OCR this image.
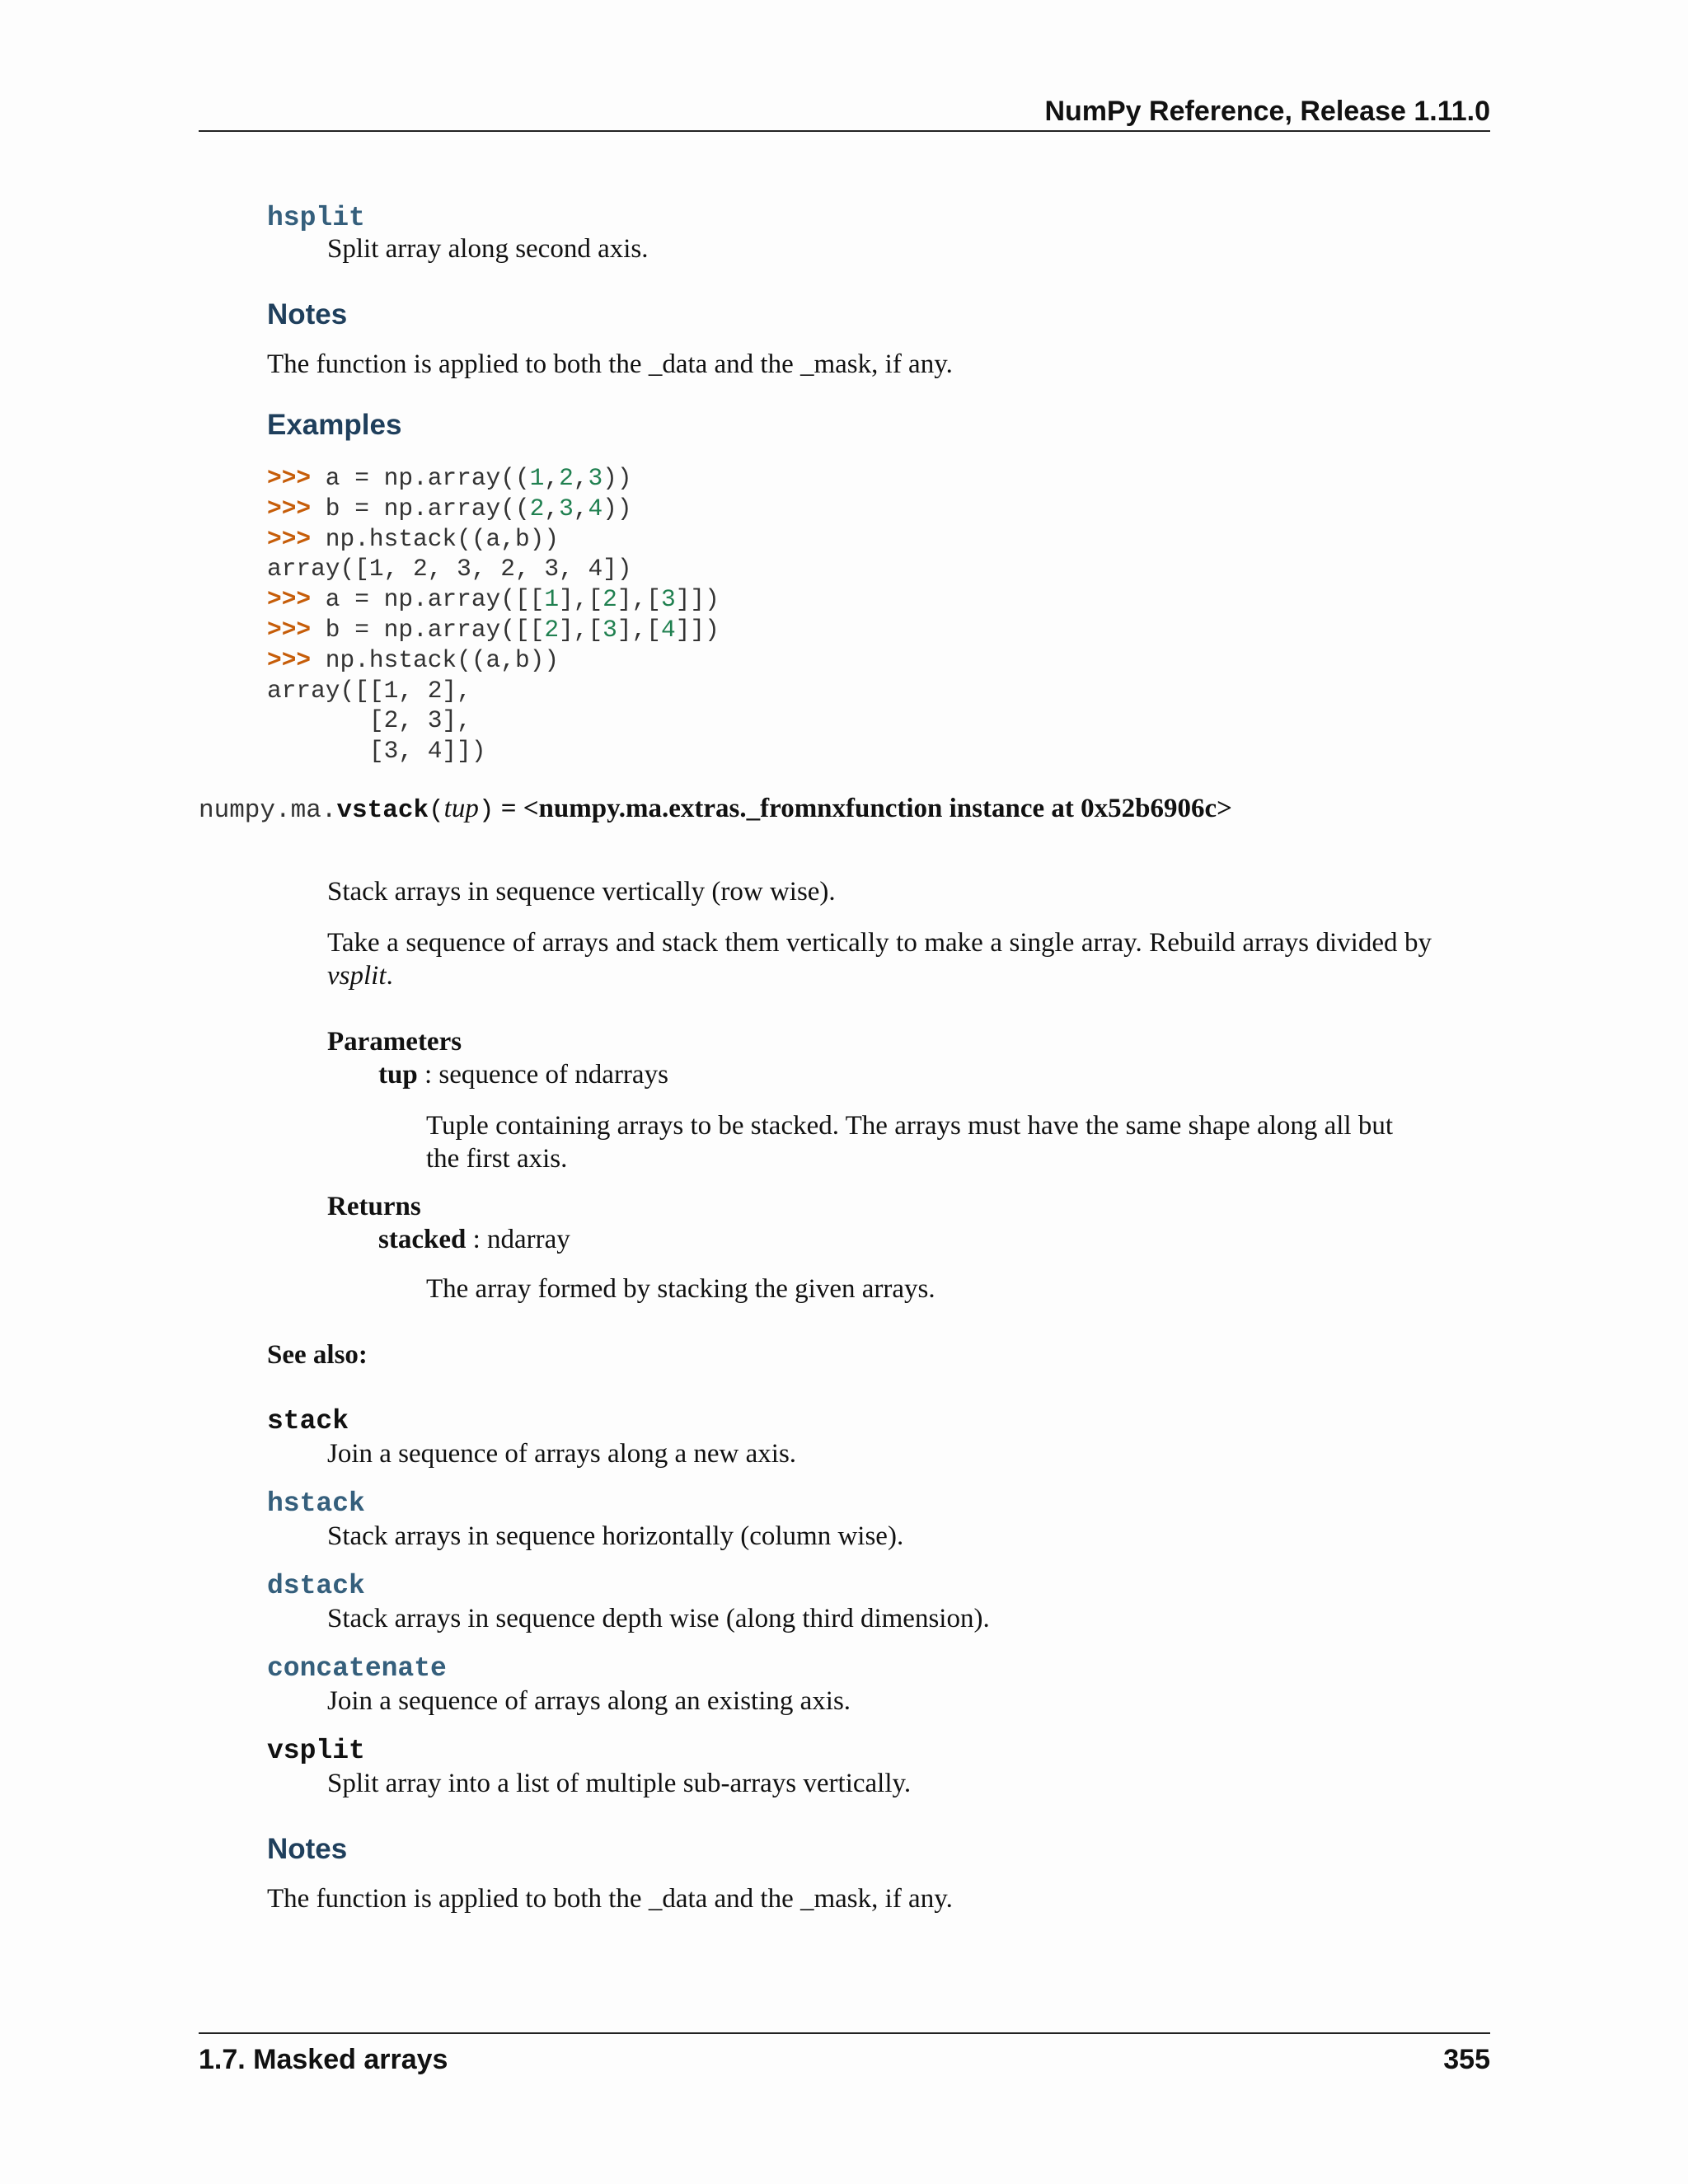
NumPy Reference, Release 1.11.0
hsplit
Split array along second axis.
Notes
The function is applied to both the _data and the _mask, if any.
Examples
>>> a = np.array((1,2,3))
>>> b = np.array((2,3,4))
>>> np.hstack((a,b))
array([1, 2, 3, 2, 3, 4])
>>> a = np.array([[1],[2],[3]])
>>> b = np.array([[2],[3],[4]])
>>> np.hstack((a,b))
array([[1, 2],
[2, 3],
[3, 4]])

numpy.ma.vstack(tup) = <numpy.ma.extras._fromnxfunction instance at 0x52b6906c>
Stack arrays in sequence vertically (row wise).
Take a sequence of arrays and stack them vertically to make a single array. Rebuild arrays divided by vsplit.
Parameters
tup : sequence of ndarrays
Tuple containing arrays to be stacked. The arrays must have the same shape along all but the first axis.
Returns
stacked : ndarray
The array formed by stacking the given arrays.
See also:
stack
Join a sequence of arrays along a new axis.
hstack
Stack arrays in sequence horizontally (column wise).
dstack
Stack arrays in sequence depth wise (along third dimension).
concatenate
Join a sequence of arrays along an existing axis.
vsplit
Split array into a list of multiple sub-arrays vertically.
Notes
The function is applied to both the _data and the _mask, if any.
1.7. Masked arrays	355
